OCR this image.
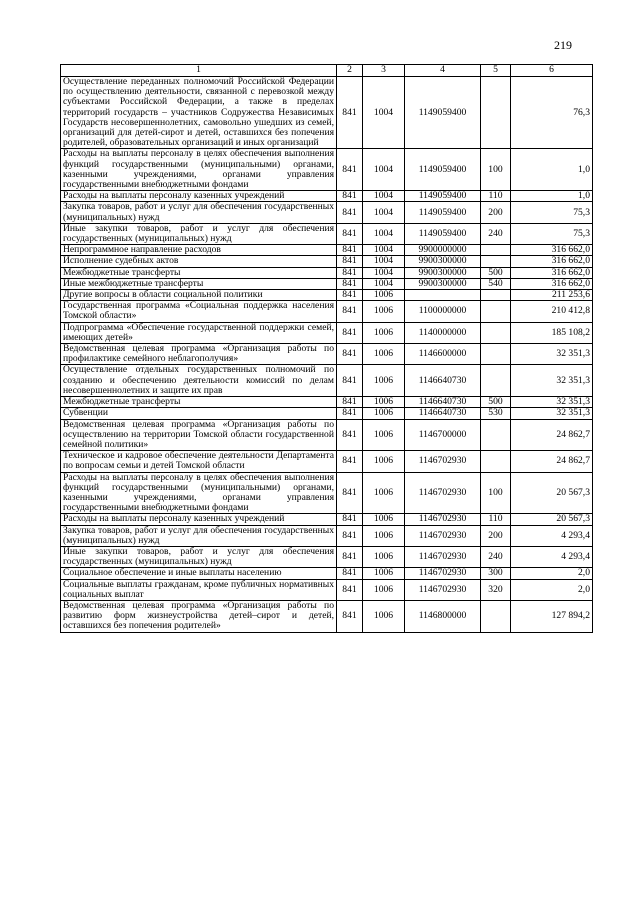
219
1	2	3	4	5	6
Осуществление переданных полномочий Российской Федерации по осуществлению деятельности, связанной с перевозкой между субъектами Российской Федерации, а также в пределах территорий государств – участников Содружества Независимых Государств несовершеннолетних, самовольно ушедших из семей, организаций для детей-сирот и детей, оставшихся без попечения родителей, образовательных организаций и иных организаций	841	1004	1149059400		76,3
Расходы на выплаты персоналу в целях обеспечения выполнения функций государственными (муниципальными) органами, казенными учреждениями, органами управления государственными внебюджетными фондами	841	1004	1149059400	100	1,0
Расходы на выплаты персоналу казенных учреждений	841	1004	1149059400	110	1,0
Закупка товаров, работ и услуг для обеспечения государственных (муниципальных) нужд	841	1004	1149059400	200	75,3
Иные закупки товаров, работ и услуг для обеспечения государственных (муниципальных) нужд	841	1004	1149059400	240	75,3
Непрограммное направление расходов	841	1004	9900000000		316 662,0
Исполнение судебных актов	841	1004	9900300000		316 662,0
Межбюджетные трансферты	841	1004	9900300000	500	316 662,0
Иные межбюджетные трансферты	841	1004	9900300000	540	316 662,0
Другие вопросы в области социальной политики	841	1006			211 253,6
Государственная программа «Социальная поддержка населения Томской области»	841	1006	1100000000		210 412,8
Подпрограмма «Обеспечение государственной поддержки семей, имеющих детей»	841	1006	1140000000		185 108,2
Ведомственная целевая программа «Организация работы по профилактике семейного неблагополучия»	841	1006	1146600000		32 351,3
Осуществление отдельных государственных полномочий по созданию и обеспечению деятельности комиссий по делам несовершеннолетних и защите их прав	841	1006	1146640730		32 351,3
Межбюджетные трансферты	841	1006	1146640730	500	32 351,3
Субвенции	841	1006	1146640730	530	32 351,3
Ведомственная целевая программа «Организация работы по осуществлению на территории Томской области государственной семейной политики»	841	1006	1146700000		24 862,7
Техническое и кадровое обеспечение деятельности Департамента по вопросам семьи и детей Томской области	841	1006	1146702930		24 862,7
Расходы на выплаты персоналу в целях обеспечения выполнения функций государственными (муниципальными) органами, казенными учреждениями, органами управления государственными внебюджетными фондами	841	1006	1146702930	100	20 567,3
Расходы на выплаты персоналу казенных учреждений	841	1006	1146702930	110	20 567,3
Закупка товаров, работ и услуг для обеспечения государственных (муниципальных) нужд	841	1006	1146702930	200	4 293,4
Иные закупки товаров, работ и услуг для обеспечения государственных (муниципальных) нужд	841	1006	1146702930	240	4 293,4
Социальное обеспечение и иные выплаты населению	841	1006	1146702930	300	2,0
Социальные выплаты гражданам, кроме публичных нормативных социальных выплат	841	1006	1146702930	320	2,0
Ведомственная целевая программа «Организация работы по развитию форм жизнеустройства детей–сирот и детей, оставшихся без попечения родителей»	841	1006	1146800000		127 894,2
